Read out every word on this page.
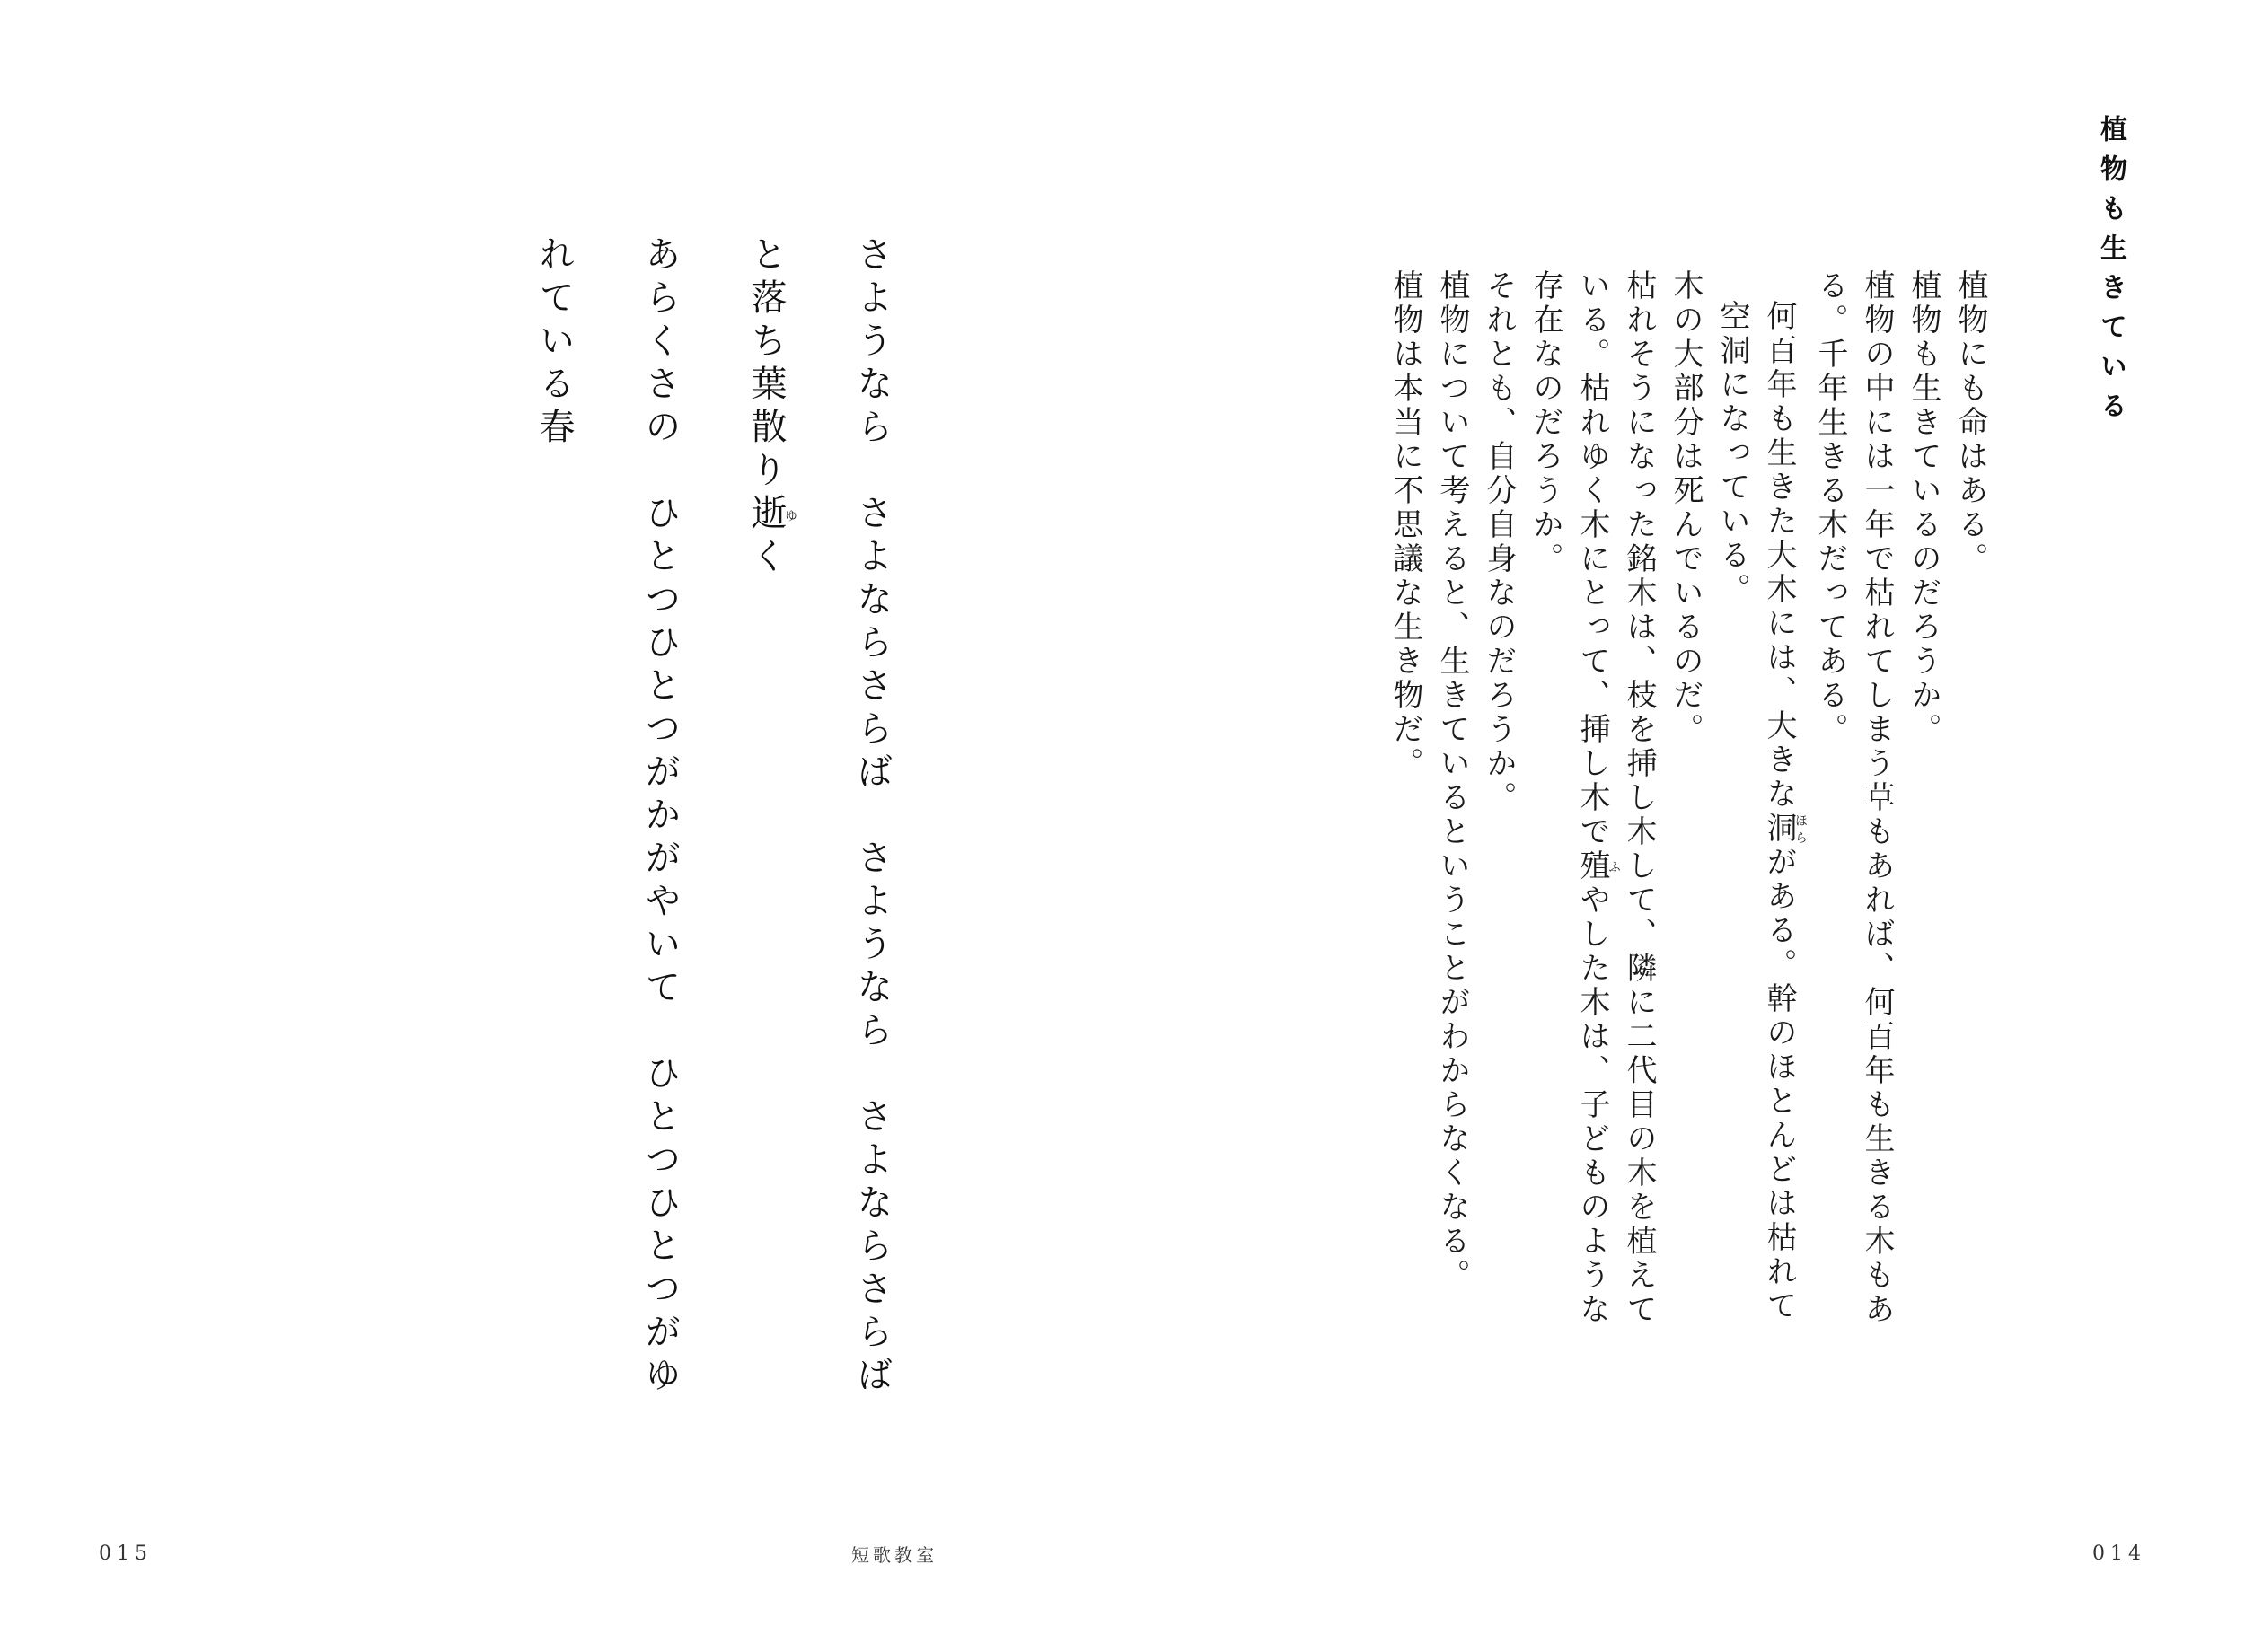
植物も生きている

植物にも命はある。

植物も生きているのだろうか。

植物の中には一年で枯れてしまう草もあれば、何百年も生きる木もある。千年生きる木だってある。

何百年も生きた大木には、大きな洞ほらがある。幹のほとんどは枯れて空洞になっている。

木の大部分は死んでいるのだ。

枯れそうになった銘木は、枝を挿し木して、隣に二代目の木を植えている。枯れゆく木にとって、挿し木で殖ふやした木は、子どものような存在なのだろうか。

それとも、自分自身なのだろうか。

植物について考えると、生きているということがわからなくなる。

植物は本当に不思議な生き物だ。

さようなら　さよならさらば　さようなら　さよならさらばと落ち葉散り逝ゆく
あらくさの　ひとつひとつがかがやいて　ひとつひとつがゆれている春
015	短歌教室	014
